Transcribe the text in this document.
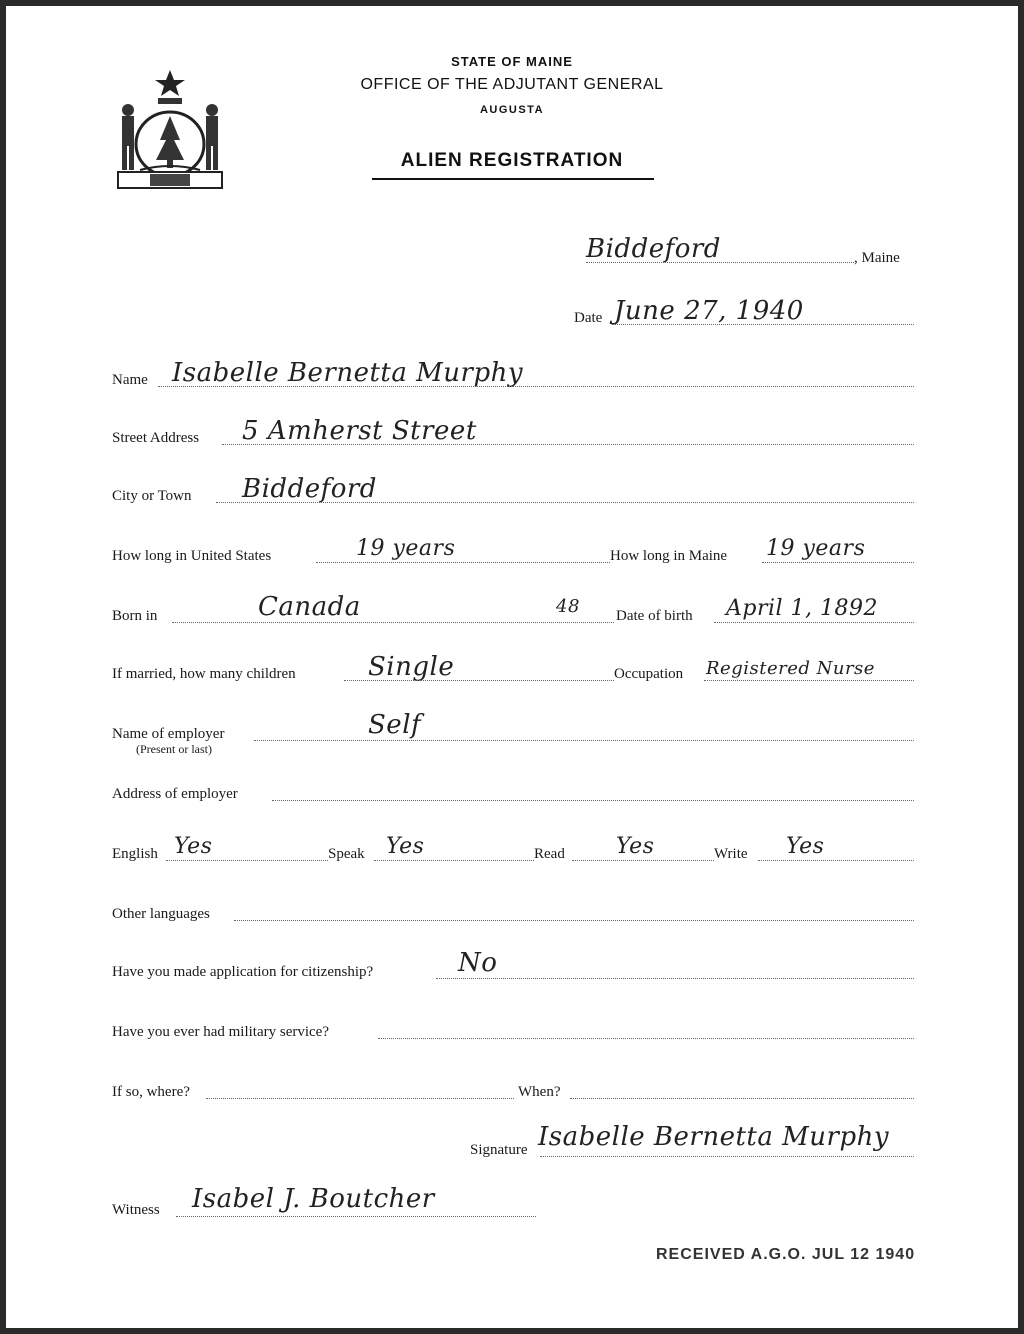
STATE OF MAINE
OFFICE OF THE ADJUTANT GENERAL
AUGUSTA
ALIEN REGISTRATION
Biddeford	, Maine
Date June 27, 1940
Name Isabelle Bernetta Murphy
Street Address 5 Amherst Street
City or Town Biddeford
How long in United States	19 years	How long in Maine 19 years
Born in	Canada	48 Date of birth April 1, 1892
If married, how many children	Single	Occupation Registered Nurse
Name of employer
(Present or last)
Self
Address of employer
English Yes	Speak Yes	Read Yes	Write Yes
Other languages
Have you made application for citizenship?	No
Have you ever had military service?
If so, where?	When?
Signature Isabelle Bernetta Murphy
Witness Isabel J. Boutcher
RECEIVED A.G.O. JUL 12 1940
